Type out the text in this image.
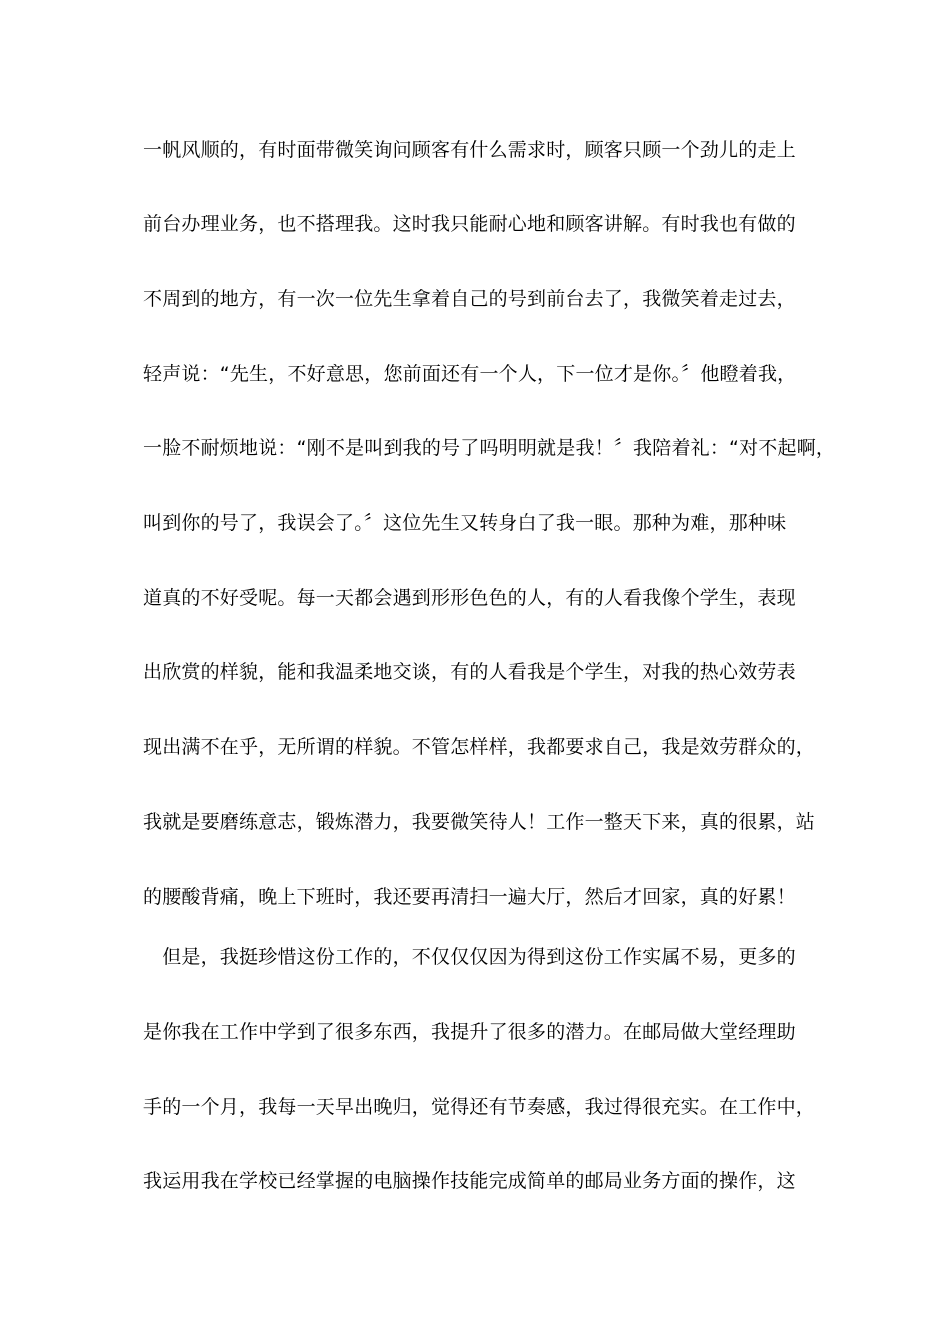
一帆风顺的，有时面带微笑询问顾客有什么需求时，顾客只顾一个劲儿的走上
前台办理业务，也不搭理我。这时我只能耐心地和顾客讲解。有时我也有做的
不周到的地方，有一次一位先生拿着自己的号到前台去了，我微笑着走过去，
轻声说：“先生，不好意思，您前面还有一个人，下一位才是你。〞他瞪着我，
一脸不耐烦地说：“刚不是叫到我的号了吗明明就是我！〞我陪着礼：“对不起啊，
叫到你的号了，我误会了。〞这位先生又转身白了我一眼。那种为难，那种味
道真的不好受呢。每一天都会遇到形形色色的人，有的人看我像个学生，表现
出欣赏的样貌，能和我温柔地交谈，有的人看我是个学生，对我的热心效劳表
现出满不在乎，无所谓的样貌。不管怎样样，我都要求自己，我是效劳群众的，
我就是要磨练意志，锻炼潜力，我要微笑待人！工作一整天下来，真的很累，站
的腰酸背痛，晚上下班时，我还要再清扫一遍大厅，然后才回家，真的好累！
　但是，我挺珍惜这份工作的，不仅仅仅因为得到这份工作实属不易，更多的
是你我在工作中学到了很多东西，我提升了很多的潜力。在邮局做大堂经理助
手的一个月，我每一天早出晚归，觉得还有节奏感，我过得很充实。在工作中，
我运用我在学校已经掌握的电脑操作技能完成简单的邮局业务方面的操作，这
